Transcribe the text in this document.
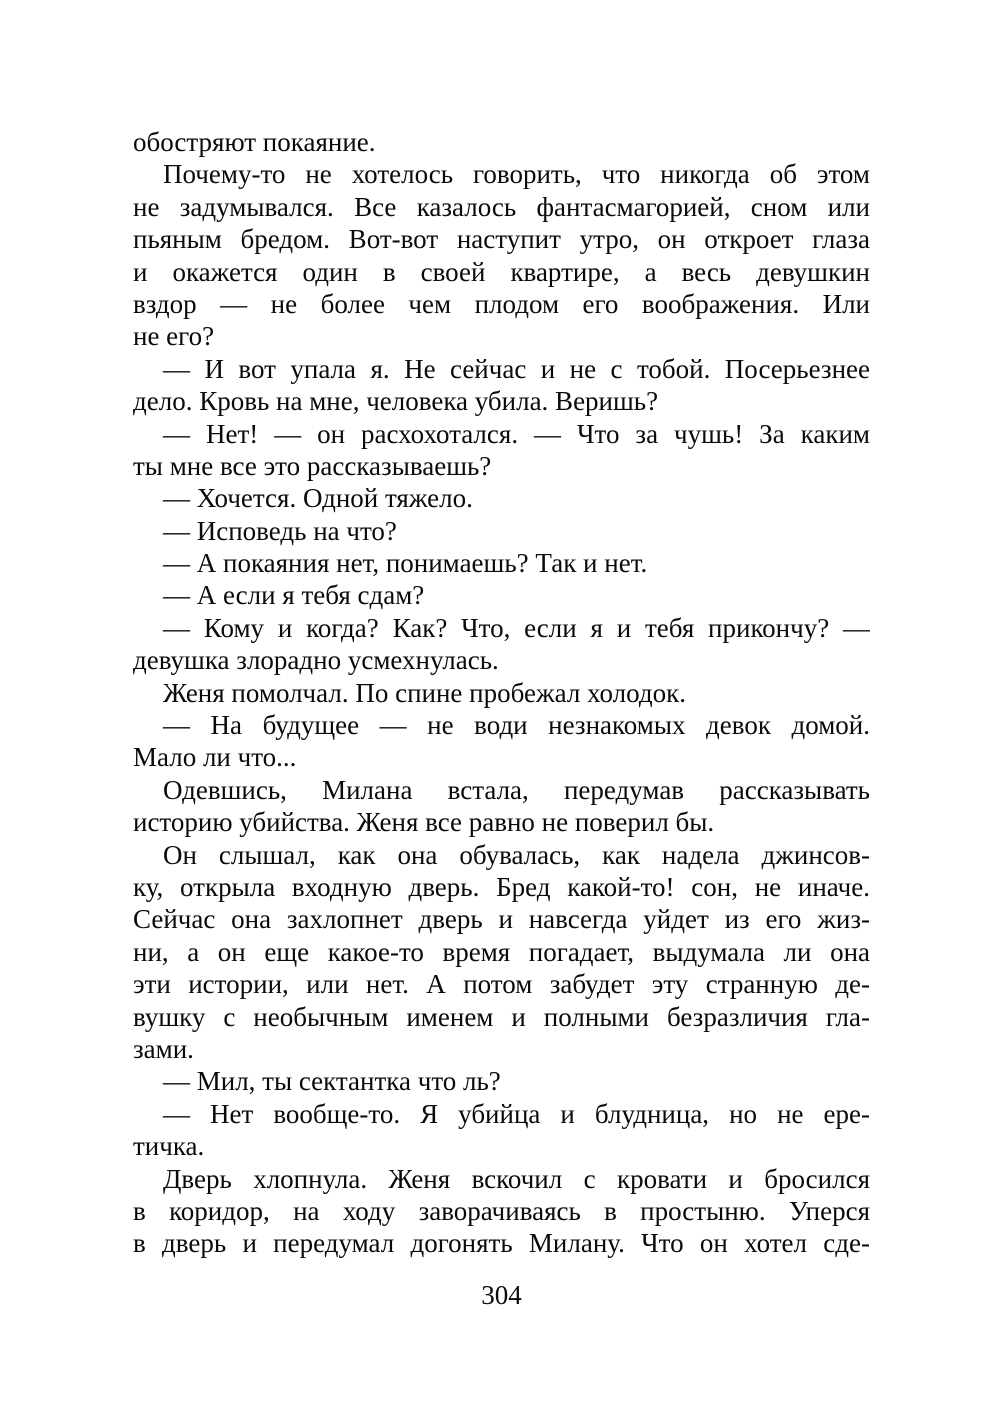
обостряют покаяние.
Почему-то не хотелось говорить, что никогда об этом
не задумывался. Все казалось фантасмагорией, сном или
пьяным бредом. Вот-вот наступит утро, он откроет глаза
и окажется один в своей квартире, а весь девушкин
вздор — не более чем плодом его воображения. Или
не его?
— И вот упала я. Не сейчас и не с тобой. Посерьезнее
дело. Кровь на мне, человека убила. Веришь?
— Нет! — он расхохотался. — Что за чушь! За каким
ты мне все это рассказываешь?
— Хочется. Одной тяжело.
— Исповедь на что?
— А покаяния нет, понимаешь? Так и нет.
— А если я тебя сдам?
— Кому и когда? Как? Что, если я и тебя прикончу? —
девушка злорадно усмехнулась.
Женя помолчал. По спине пробежал холодок.
— На будущее — не води незнакомых девок домой.
Мало ли что...
Одевшись, Милана встала, передумав рассказывать
историю убийства. Женя все равно не поверил бы.
Он слышал, как она обувалась, как надела джинсов-
ку, открыла входную дверь. Бред какой-то! сон, не иначе.
Сейчас она захлопнет дверь и навсегда уйдет из его жиз-
ни, а он еще какое-то время погадает, выдумала ли она
эти истории, или нет. А потом забудет эту странную де-
вушку с необычным именем и полными безразличия гла-
зами.
— Мил, ты сектантка что ль?
— Нет вообще-то. Я убийца и блудница, но не ере-
тичка.
Дверь хлопнула. Женя вскочил с кровати и бросился
в коридор, на ходу заворачиваясь в простыню. Уперся
в дверь и передумал догонять Милану. Что он хотел сде-
304
